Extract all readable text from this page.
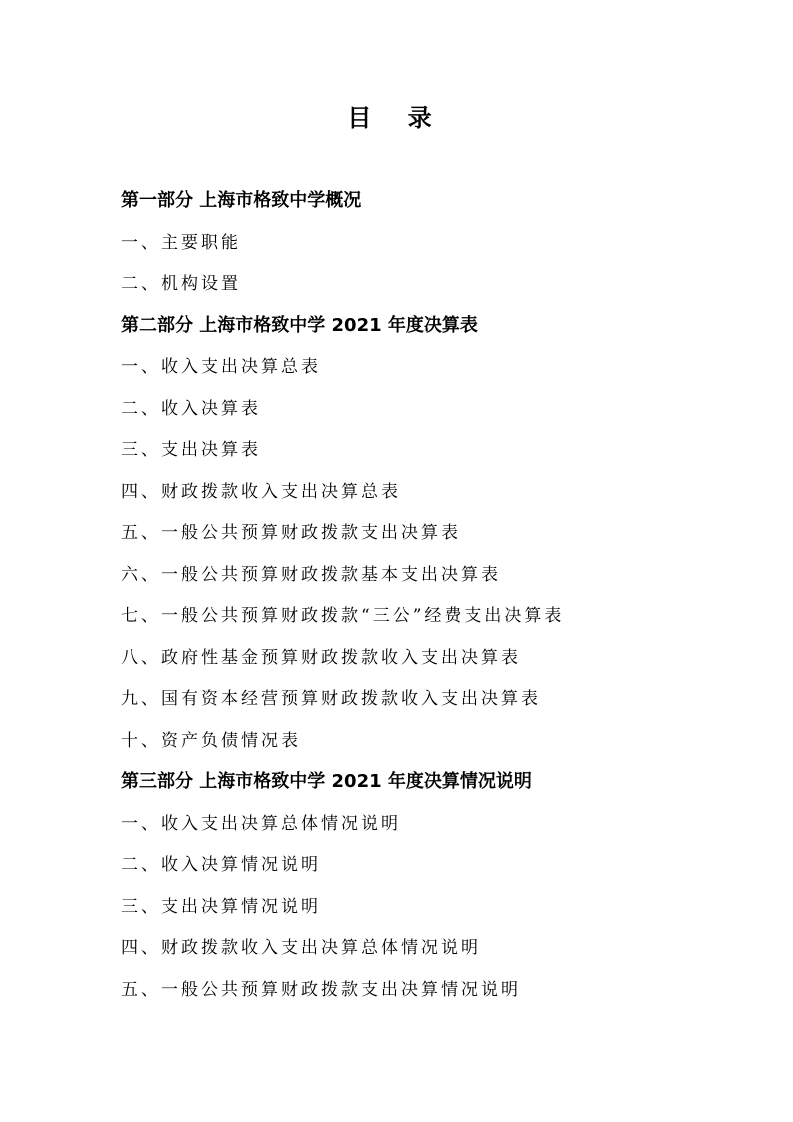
目 录
第一部分 上海市格致中学概况
一、主要职能
二、机构设置
第二部分 上海市格致中学 2021 年度决算表
一、收入支出决算总表
二、收入决算表
三、支出决算表
四、财政拨款收入支出决算总表
五、一般公共预算财政拨款支出决算表
六、一般公共预算财政拨款基本支出决算表
七、一般公共预算财政拨款“三公”经费支出决算表
八、政府性基金预算财政拨款收入支出决算表
九、国有资本经营预算财政拨款收入支出决算表
十、资产负债情况表
第三部分 上海市格致中学 2021 年度决算情况说明
一、收入支出决算总体情况说明
二、收入决算情况说明
三、支出决算情况说明
四、财政拨款收入支出决算总体情况说明
五、一般公共预算财政拨款支出决算情况说明
